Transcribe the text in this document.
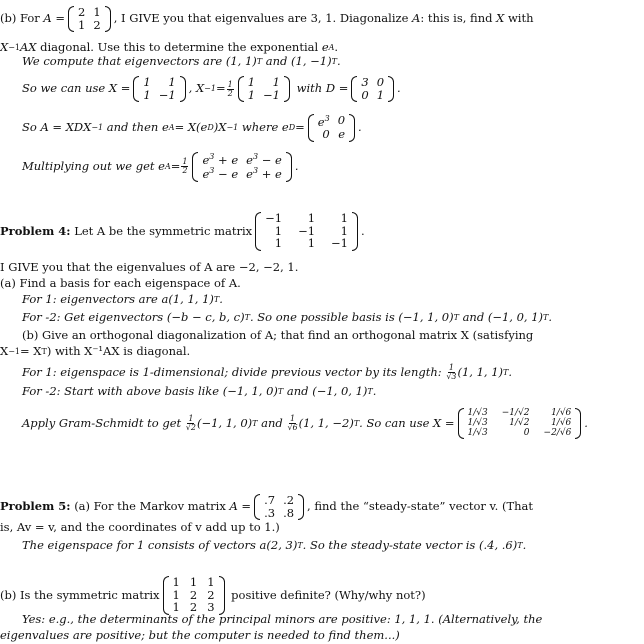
(b) For
A = 2 1
1 2 , I GIVE you that eigenvalues are 3, 1. Diagonalize
A : this is, find
X
with
X −1 AX
diagonal. Use this to determine the exponential
e A .
We compute that eigenvectors are (1, 1) T
and (1, −1) T .
So we can use X = 1	1
1 −1 , $X -1 = \frac{1}{2} 1$	1
1 −1
with D = 3 0
0 1 .
So A = XDX −1
and then e A = X(e D )X −1
where e $D = e^3$ 0
0 e
.
Multiplying out we get e $A = \frac{1}{2} e^3 + e$ $e^3 - e$
$e^3 - e$ $e^3 + e$
.
Problem 4:
Let A be the symmetric matrix
−1	1	1
1 −1	1
1	1 −1
.
I GIVE you that the eigenvalues of A are −2, −2, 1.
(a) Find a basis for each eigenspace of A.
For 1: eigenvectors are a(1, 1, 1) T .
For -2: Get eigenvectors (−b − c, b, c) T . So one possible basis is (−1, 1, 0) T
and (−1, 0, 1) T .
(b) Give an orthogonal diagonalization of A; that find an orthogonal matrix X (satisfying
X −1 = X T ) with X⁻¹AX is diagonal.
For 1: eigenspace is 1-dimensional; divide previous vector by its length:
$\frac{1}{√3} (1$, 1, 1) T .
For -2: Start with above basis like (−1, 1, 0) T
and (−1, 0, 1) T .
Apply Gram-Schmidt to get
$\frac{1}{√2} (-1$, 1, 0) T
and
$\frac{1}{√6} (1$, 1, −2) T . So can use X =
1/√3 −1/√2	1/√6
1/√3	1/√2	1/√6
1/√3	0 −2/√6
.
Problem 5:
(a) For the Markov matrix
A = .7 .2
.3 .8 , find the “steady-state” vector v. (That
is, Av = v, and the coordinates of v add up to 1.)
The eigenspace for 1 consists of vectors a(2, 3) T . So the steady-state vector is (.4, .6) T .
(b) Is the symmetric matrix
1 1 1
1 2 2
1 2 3

positive definite? (Why/why not?)
Yes: e.g., the determinants of the principal minors are positive: 1, 1, 1. (Alternatively, the
eigenvalues are positive; but the computer is needed to find them...)
